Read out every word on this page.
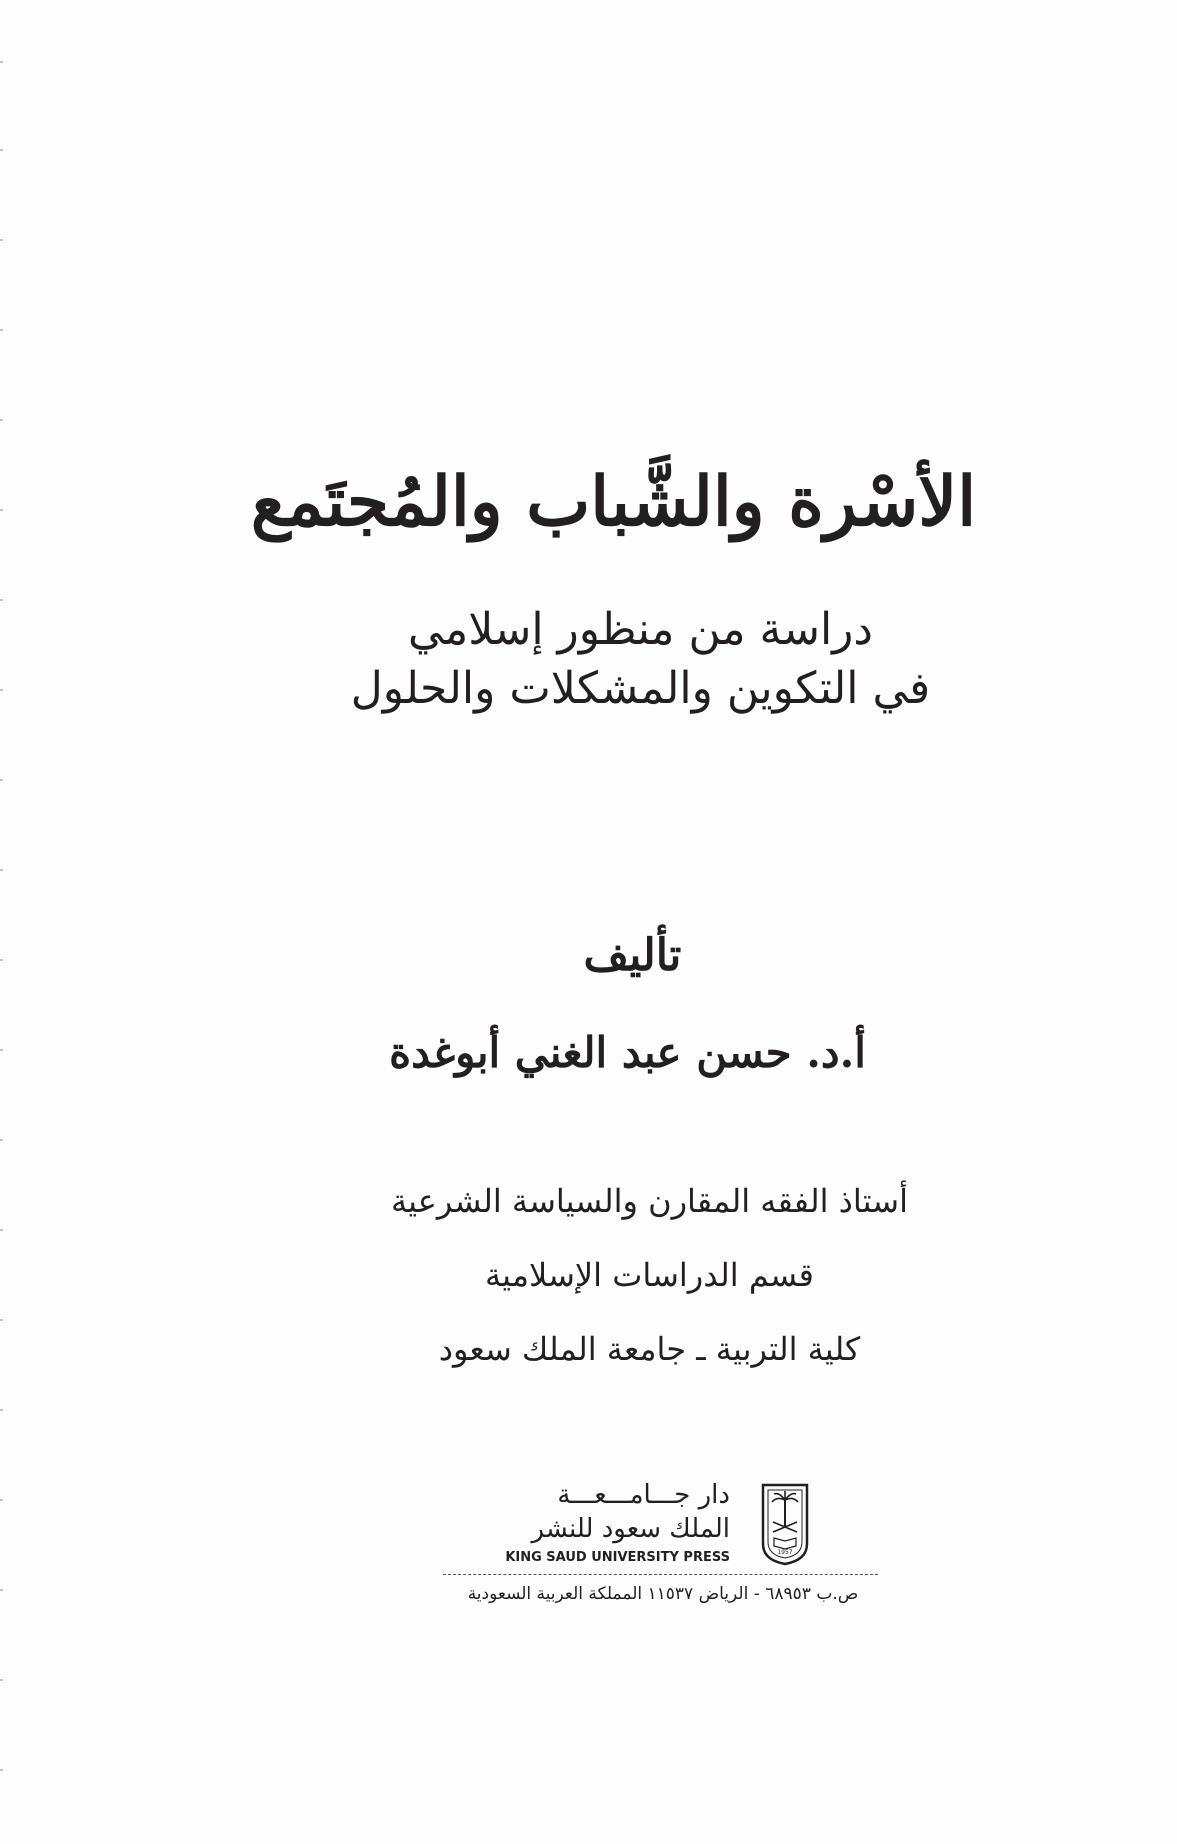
الأسْرة والشَّباب والمُجتَمع
دراسة من منظور إسلامي
في التكوين والمشكلات والحلول
تأليف
أ.د. حسن عبد الغني أبوغدة
أستاذ الفقه المقارن والسياسة الشرعية
قسم الدراسات الإسلامية
كلية التربية ـ جامعة الملك سعود
1957
دار جـــامـــعـــة
الملك سعود للنشر
KING SAUD UNIVERSITY PRESS
ص.ب ٦٨٩٥٣ - الرياض ١١٥٣٧ المملكة العربية السعودية
